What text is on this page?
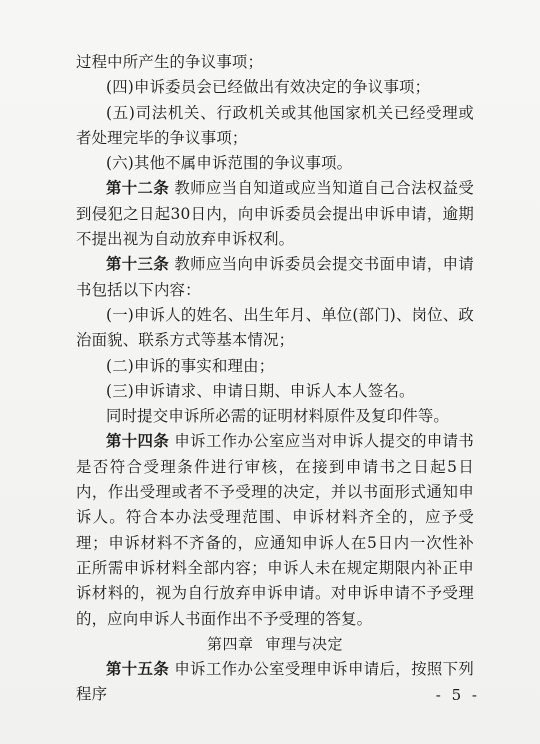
过程中所产生的争议事项；

(四)申诉委员会已经做出有效决定的争议事项；

(五)司法机关、行政机关或其他国家机关已经受理或者处理完毕的争议事项；

(六)其他不属申诉范围的争议事项。

第十二条 教师应当自知道或应当知道自己合法权益受到侵犯之日起30日内，向申诉委员会提出申诉申请，逾期不提出视为自动放弃申诉权利。

第十三条 教师应当向申诉委员会提交书面申请，申请书包括以下内容：

(一)申诉人的姓名、出生年月、单位(部门)、岗位、政治面貌、联系方式等基本情况；

(二)申诉的事实和理由；

(三)申诉请求、申请日期、申诉人本人签名。

同时提交申诉所必需的证明材料原件及复印件等。

第十四条 申诉工作办公室应当对申诉人提交的申请书是否符合受理条件进行审核，在接到申请书之日起5日内，作出受理或者不予受理的决定，并以书面形式通知申诉人。符合本办法受理范围、申诉材料齐全的，应予受理；申诉材料不齐备的，应通知申诉人在5日内一次性补正所需申诉材料全部内容；申诉人未在规定期限内补正申诉材料的，视为自行放弃申诉申请。对申诉申请不予受理的，应向申诉人书面作出不予受理的答复。

第四章 审理与决定

第十五条 申诉工作办公室受理申诉申请后，按照下列程序	- 5 -
